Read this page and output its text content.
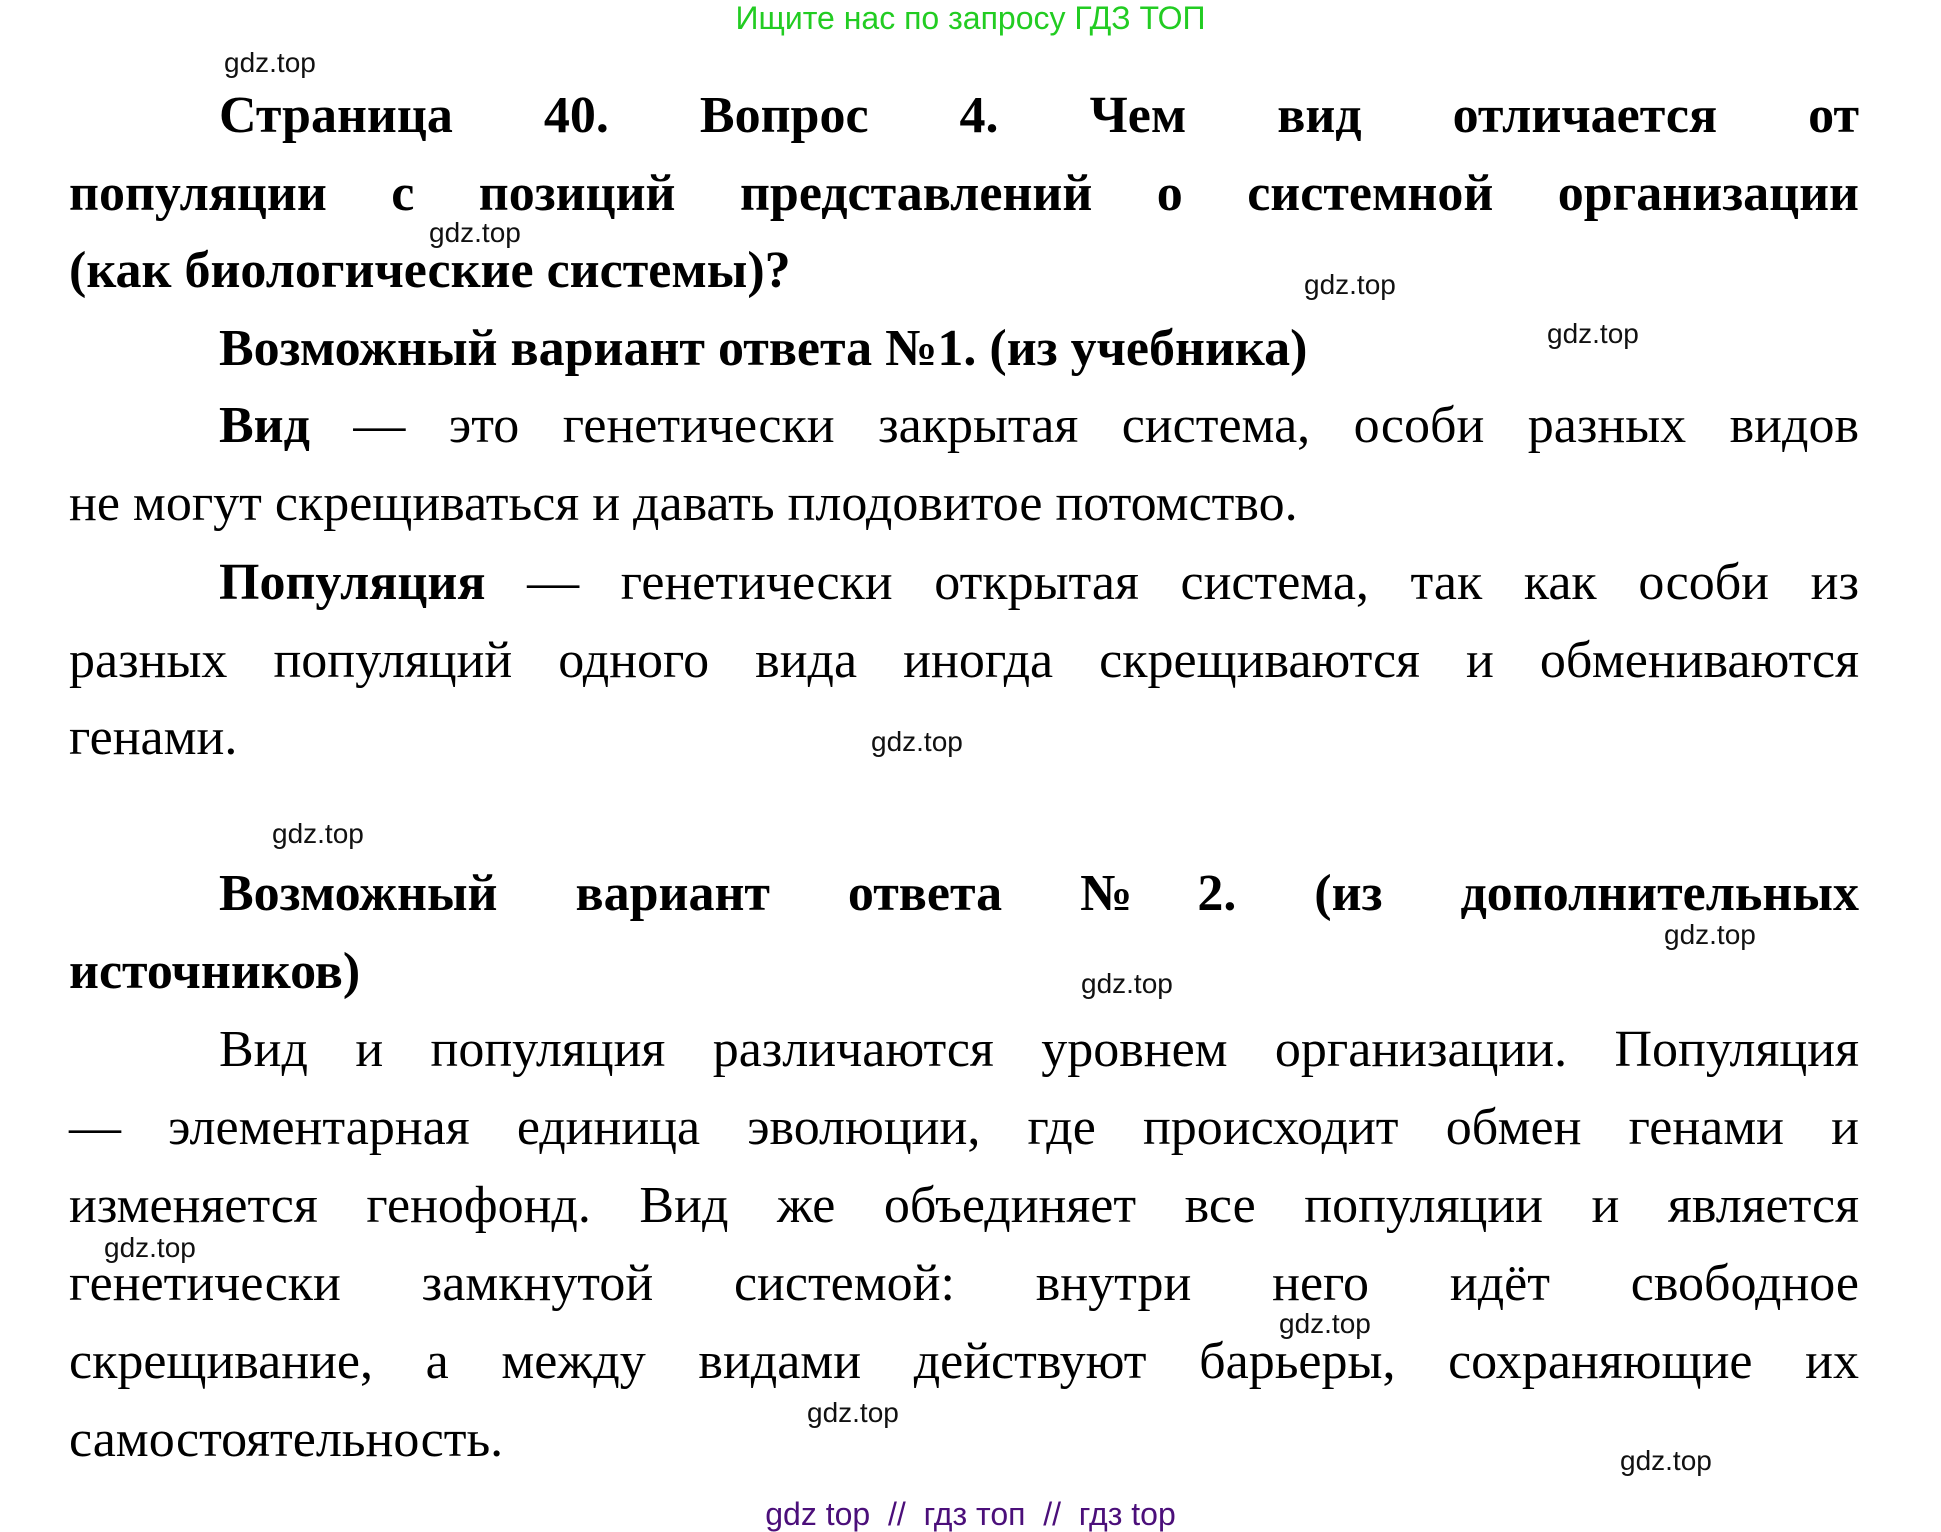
Ищите нас по запросу ГДЗ ТОП
Страница 40. Вопрос 4. Чем вид отличается от
популяции с позиций представлений о системной организации
(как биологические системы)?
Возможный вариант ответа №1. (из учебника)
Вид — это генетически закрытая система, особи разных видов
не могут скрещиваться и давать плодовитое потомство.
Популяция — генетически открытая система, так как особи из
разных популяций одного вида иногда скрещиваются и обмениваются
генами.
Возможный вариант ответа №2. (из дополнительных
источников)
Вид и популяция различаются уровнем организации. Популяция
— элементарная единица эволюции, где происходит обмен генами и
изменяется генофонд. Вид же объединяет все популяции и является
генетически замкнутой системой: внутри него идёт свободное
скрещивание, а между видами действуют барьеры, сохраняющие их
самостоятельность.
gdz.top
gdz.top
gdz.top
gdz.top
gdz.top
gdz.top
gdz.top
gdz.top
gdz.top
gdz.top
gdz.top
gdz.top
gdz top  //  гдз топ  //  гдз top
